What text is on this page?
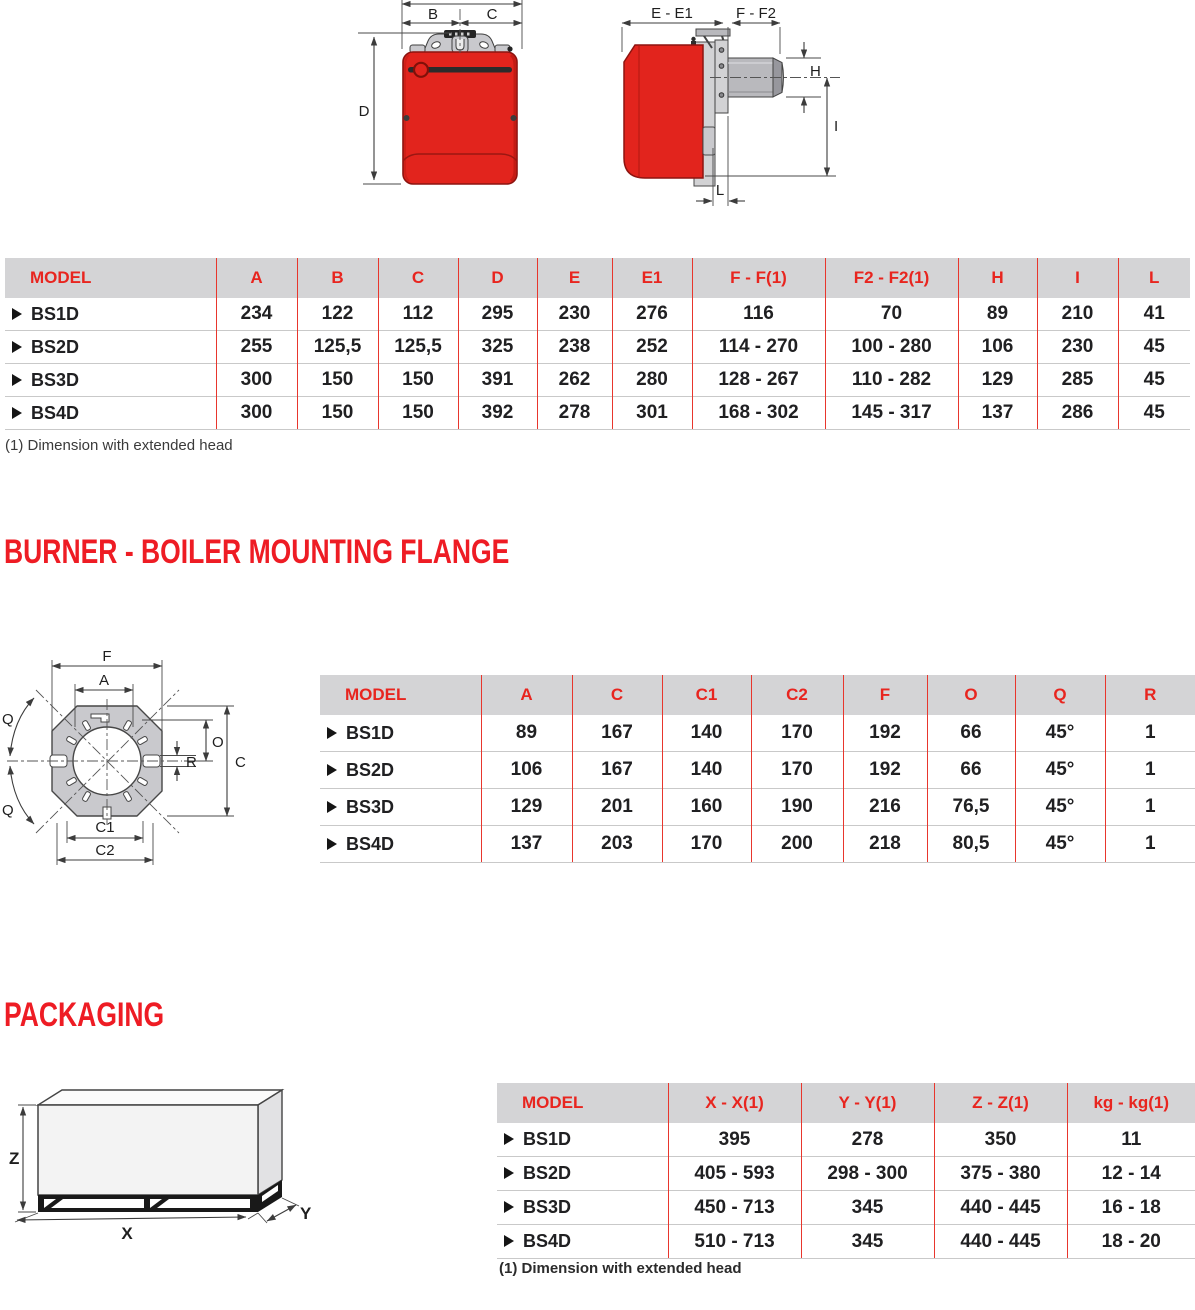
B	C
D
E - E1	F - F2
H
I
L
MODEL	A	B	C	D	E	E1	F - F(1)	F2 - F2(1)	H	I	L
BS1D	234	122	112	295	230	276	116	70	89	210	41
BS2D	255	125,5	125,5	325	238	252	114 - 270	100 - 280	106	230	45
BS3D	300	150	150	391	262	280	128 - 267	110 - 282	129	285	45
BS4D	300	150	150	392	278	301	168 - 302	145 - 317	137	286	45
(1) Dimension with extended head
BURNER - BOILER MOUNTING FLANGE
F
A
Q
Q
O
R	C
C1
C2
MODEL	A	C	C1	C2	F	O	Q	R
BS1D	89	167	140	170	192	66	45°	1
BS2D	106	167	140	170	192	66	45°	1
BS3D	129	201	160	190	216	76,5	45°	1
BS4D	137	203	170	200	218	80,5	45°	1
PACKAGING
Z
X
Y
MODEL	X - X(1)	Y - Y(1)	Z - Z(1)	kg - kg(1)
BS1D	395	278	350	11
BS2D	405 - 593	298 - 300	375 - 380	12 - 14
BS3D	450 - 713	345	440 - 445	16 - 18
BS4D	510 - 713	345	440 - 445	18 - 20
(1) Dimension with extended head
